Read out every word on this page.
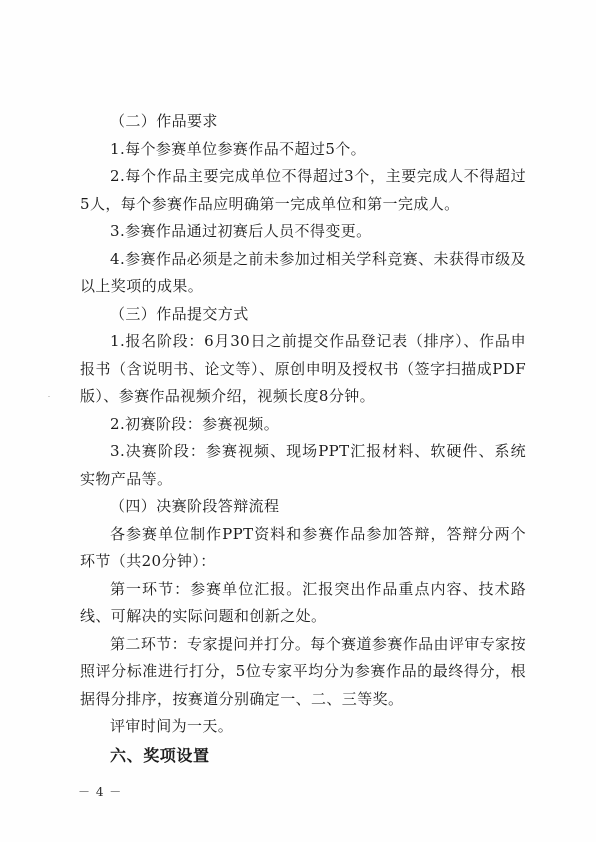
（二）作品要求

1.每个参赛单位参赛作品不超过5个。

2.每个作品主要完成单位不得超过3个，主要完成人不得超过5人，每个参赛作品应明确第一完成单位和第一完成人。

3.参赛作品通过初赛后人员不得变更。

4.参赛作品必须是之前未参加过相关学科竞赛、未获得市级及以上奖项的成果。

（三）作品提交方式

1.报名阶段：6月30日之前提交作品登记表（排序）、作品申报书（含说明书、论文等）、原创申明及授权书（签字扫描成PDF版）、参赛作品视频介绍，视频长度8分钟。

2.初赛阶段：参赛视频。

3.决赛阶段：参赛视频、现场PPT汇报材料、软硬件、系统实物产品等。

（四）决赛阶段答辩流程

各参赛单位制作PPT资料和参赛作品参加答辩，答辩分两个环节（共20分钟）：

第一环节：参赛单位汇报。汇报突出作品重点内容、技术路线、可解决的实际问题和创新之处。

第二环节：专家提问并打分。每个赛道参赛作品由评审专家按照评分标准进行打分，5位专家平均分为参赛作品的最终得分，根据得分排序，按赛道分别确定一、二、三等奖。

评审时间为一天。

六、奖项设置

－ 4 －
